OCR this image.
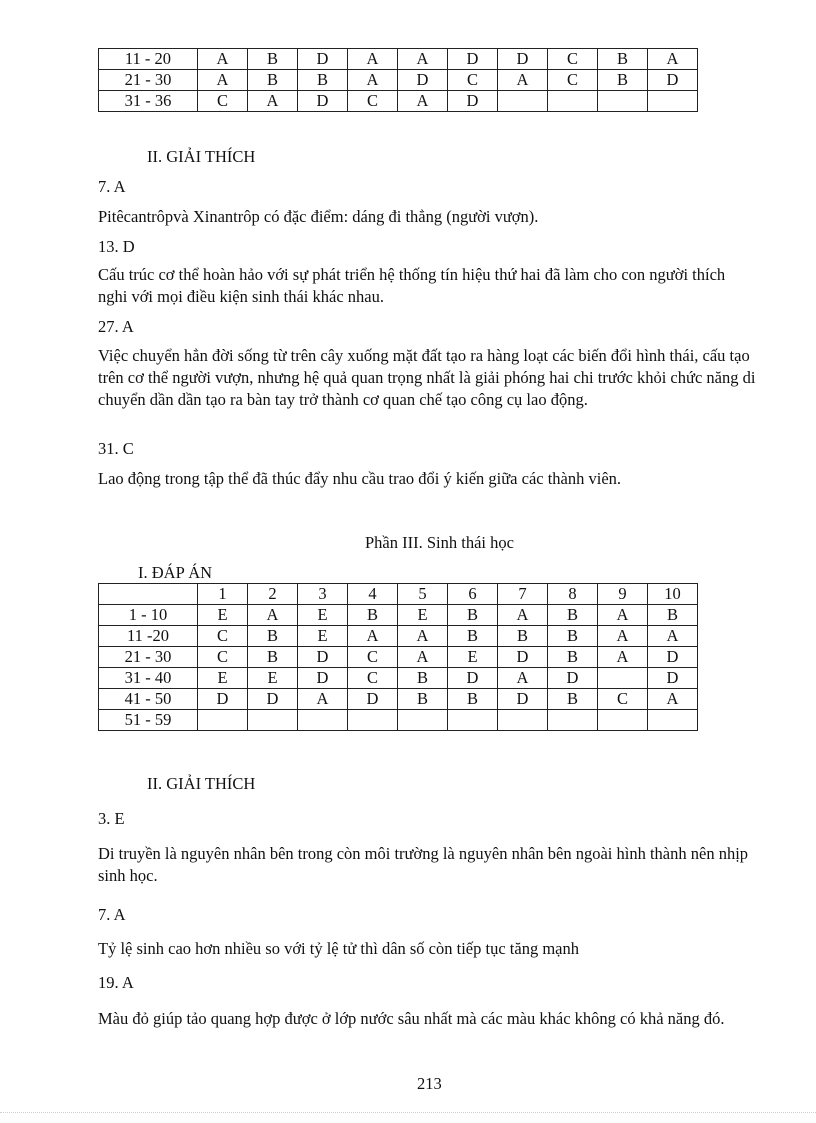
11 - 20	A	B	D	A	A	D	D	C	B	A
21 - 30	A	B	B	A	D	C	A	C	B	D
31 - 36	C	A	D	C	A	D				
II. GIẢI THÍCH
7. A
Pitêcantrôpvà Xinantrôp có đặc điểm: dáng đi thẳng (người vượn).
13. D
Cấu trúc cơ thể hoàn hảo với sự phát triển hệ thống tín hiệu thứ hai đã làm cho con người thích nghi với mọi điều kiện sinh thái khác nhau.
27. A
Việc chuyển hẳn đời sống từ trên cây xuống mặt đất tạo ra hàng loạt các biến đổi hình thái, cấu tạo trên cơ thể người vượn, nhưng hệ quả quan trọng nhất là giải phóng hai chi trước khỏi chức năng di chuyển dần dần tạo ra bàn tay trở thành cơ quan chế tạo công cụ lao động.
31. C
Lao động trong tập thể đã thúc đẩy nhu cầu trao đổi ý kiến giữa các thành viên.
Phần III. Sinh thái học
I. ĐÁP ÁN
	1	2	3	4	5	6	7	8	9	10
1 - 10	E	A	E	B	E	B	A	B	A	B
11 -20	C	B	E	A	A	B	B	B	A	A
21 - 30	C	B	D	C	A	E	D	B	A	D
31 - 40	E	E	D	C	B	D	A	D		D
41 - 50	D	D	A	D	B	B	D	B	C	A
51 - 59										
II. GIẢI THÍCH
3. E
Di truyền là nguyên nhân bên trong còn môi trường là nguyên nhân bên ngoài hình thành nên nhịp sinh học.
7. A
Tỷ lệ sinh cao hơn nhiều so với tỷ lệ tử thì dân số còn tiếp tục tăng mạnh
19. A
Màu đỏ giúp tảo quang hợp được ở lớp nước sâu nhất mà các màu khác không có khả năng đó.
213
